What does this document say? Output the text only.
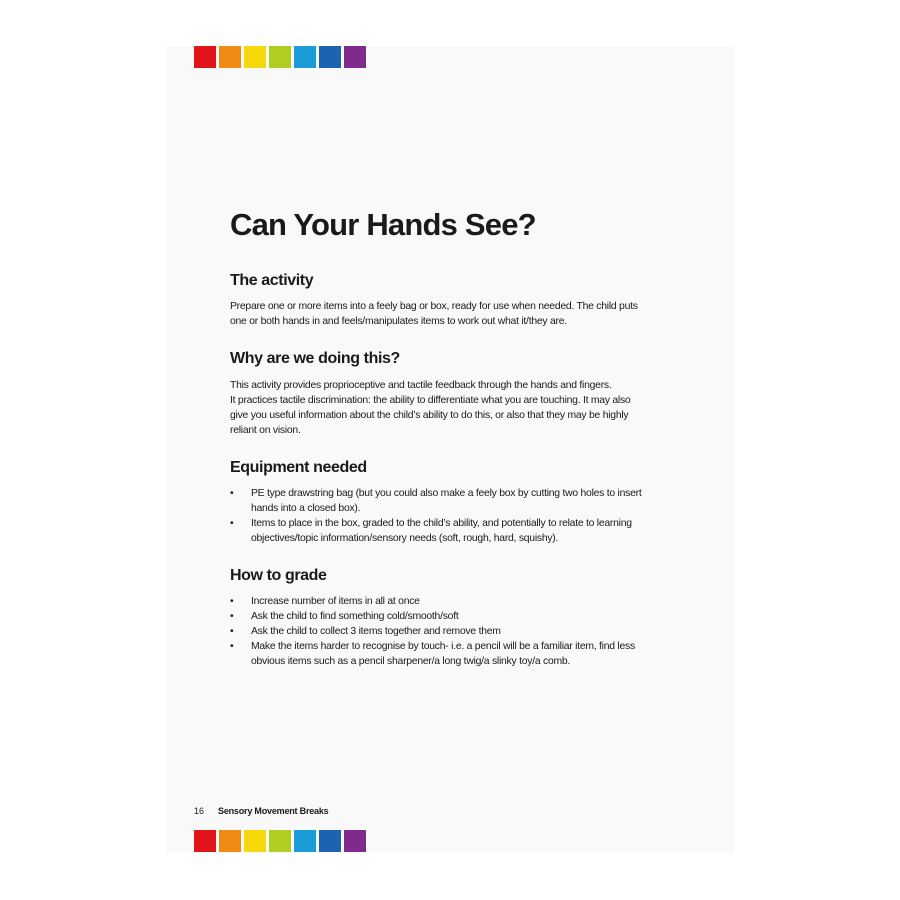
Can Your Hands See?
The activity

Prepare one or more items into a feely bag or box, ready for use when needed. The child puts
one or both hands in and feels/manipulates items to work out what it/they are.

Why are we doing this?

This activity provides proprioceptive and tactile feedback through the hands and fingers.
It practices tactile discrimination: the ability to differentiate what you are touching. It may also
give you useful information about the child’s ability to do this, or also that they may be highly
reliant on vision.

Equipment needed
• PE type drawstring bag (but you could also make a feely box by cutting two holes to insert hands into a closed box).
• Items to place in the box, graded to the child’s ability, and potentially to relate to learning objectives/topic information/sensory needs (soft, rough, hard, squishy).
How to grade
• Increase number of items in all at once
• Ask the child to find something cold/smooth/soft
• Ask the child to collect 3 items together and remove them
• Make the items harder to recognise by touch- i.e. a pencil will be a familiar item, find less obvious items such as a pencil sharpener/a long twig/a slinky toy/a comb.
16 Sensory Movement Breaks
